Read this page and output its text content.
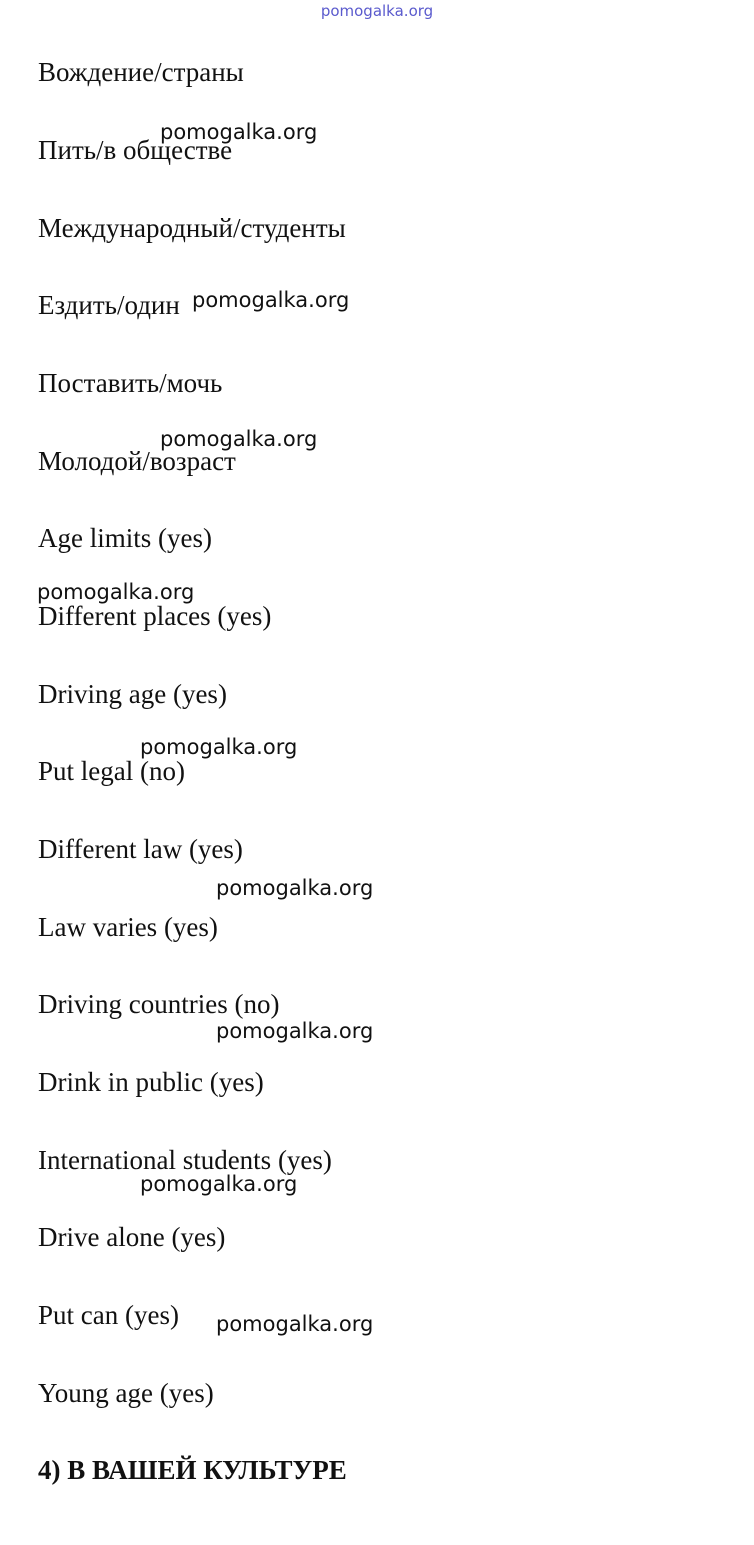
pomogalka.org
Вождение/страны
Пить/в обществе
Международный/студенты
Ездить/один
Поставить/мочь
Молодой/возраст
Age limits (yes)
Different places (yes)
Driving age (yes)
Put legal (no)
Different law (yes)
Law varies (yes)
Driving countries (no)
Drink in public (yes)
International students (yes)
Drive alone (yes)
Put can (yes)
Young age (yes)
4) В ВАШЕЙ КУЛЬТУРЕ
pomogalka.org
pomogalka.org
pomogalka.org
pomogalka.org
pomogalka.org
pomogalka.org
pomogalka.org
pomogalka.org
pomogalka.org
